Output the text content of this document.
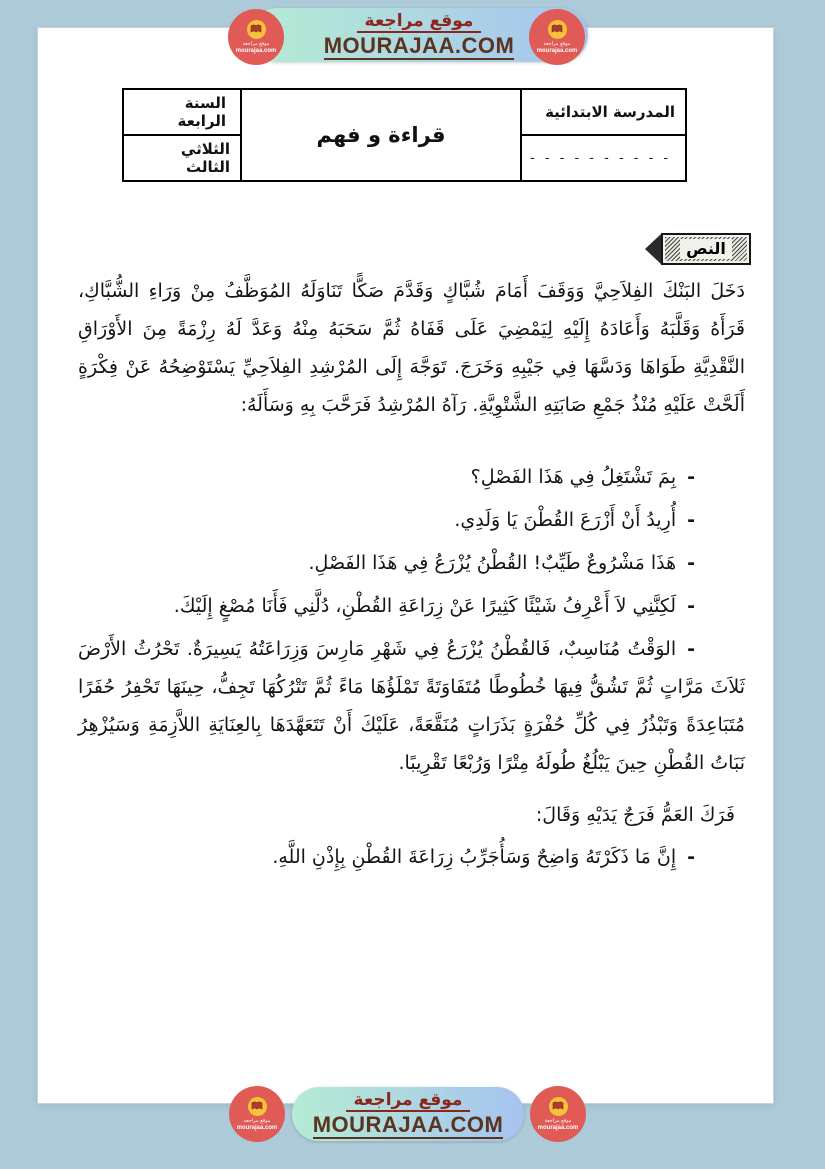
المدرسة الابتدائية
- - - - - - - - - -
قراءة و فهم
السنة الرابعة
الثلاثي الثالث
النص

دَخَلَ البَنْكَ الفِلاَحِيَّ وَوَقَفَ أَمَامَ شُبَّاكٍ وَقَدَّمَ صَكًّا تَنَاوَلَهُ المُوَظَّفُ مِنْ وَرَاءِ الشُّبَّاكِ، قَرَأَهُ وَقَلَّبَهُ وَأَعَادَهُ إِلَيْهِ لِيَمْضِيَ عَلَى قَفَاهُ ثُمَّ سَحَبَهُ مِنْهُ وَعَدَّ لَهُ رِزْمَةً مِنَ الأَوْرَاقِ النَّقْدِيَّةِ طَوَاهَا وَدَسَّهَا فِي جَيْبِهِ وَخَرَجَ. تَوَجَّهَ إِلَى المُرْشِدِ الفِلاَحِيِّ يَسْتَوْضِحُهُ عَنْ فِكْرَةٍ أَلَحَّتْ عَلَيْهِ مُنْذُ جَمْعِ صَابَتِهِ الشَّتْوِيَّةِ. رَآهُ المُرْشِدُ فَرَحَّبَ بِهِ وَسَأَلَهُ:

-بِمَ تَشْتَغِلُ فِي هَذَا الفَصْلِ؟

-أُرِيدُ أَنْ أَزْرَعَ القُطْنَ يَا وَلَدِي.

-هَذَا مَشْرُوعٌ طَيِّبٌ! القُطْنُ يُزْرَعُ فِي هَذَا الفَصْلِ.

-لَكِنَّنِي لاَ أَعْرِفُ شَيْئًا كَثِيرًا عَنْ زِرَاعَةِ القُطْنِ، دُلَّنِي فَأَنَا مُصْغٍ إِلَيْكَ.

-الوَقْتُ مُنَاسِبٌ، فَالقُطْنُ يُزْرَعُ فِي شَهْرِ مَارِسَ وَزِرَاعَتُهُ يَسِيرَةٌ. تَحْرُثُ الأَرْضَ ثَلاَثَ مَرَّاتٍ ثُمَّ تَشُقُّ فِيهَا خُطُوطًا مُتَفَاوَتَةً تَمْلَؤُهَا مَاءً ثُمَّ تَتْرُكُهَا تَجِفُّ، حِينَهَا تَحْفِرُ حُفَرًا مُتَبَاعِدَةً وَتَبْذُرُ فِي كُلِّ حُفْرَةٍ بَذَرَاتٍ مُنَقَّعَةً، عَلَيْكَ أَنْ تَتَعَهَّدَهَا بِالعِنَايَةِ اللاَّزِمَةِ وَسَيُزْهِرُ نَبَاتُ القُطْنِ حِينَ يَبْلُغُ طُولَهُ مِتْرًا وَرُبْعًا تَقْرِيبًا.

فَرَكَ العَمُّ فَرَجٌ يَدَيْهِ وَقَالَ:

-إِنَّ مَا ذَكَرْتَهُ وَاضِحٌ وَسَأُجَرِّبُ زِرَاعَةَ القُطْنِ بِإِذْنِ اللَّهِ.

موقع مراجعة
MOURAJAA.COM
موقع مراجعة
mourajaa.com
موقع مراجعة
mourajaa.com
موقع مراجعة
MOURAJAA.COM
موقع مراجعة
mourajaa.com
موقع مراجعة
mourajaa.com
